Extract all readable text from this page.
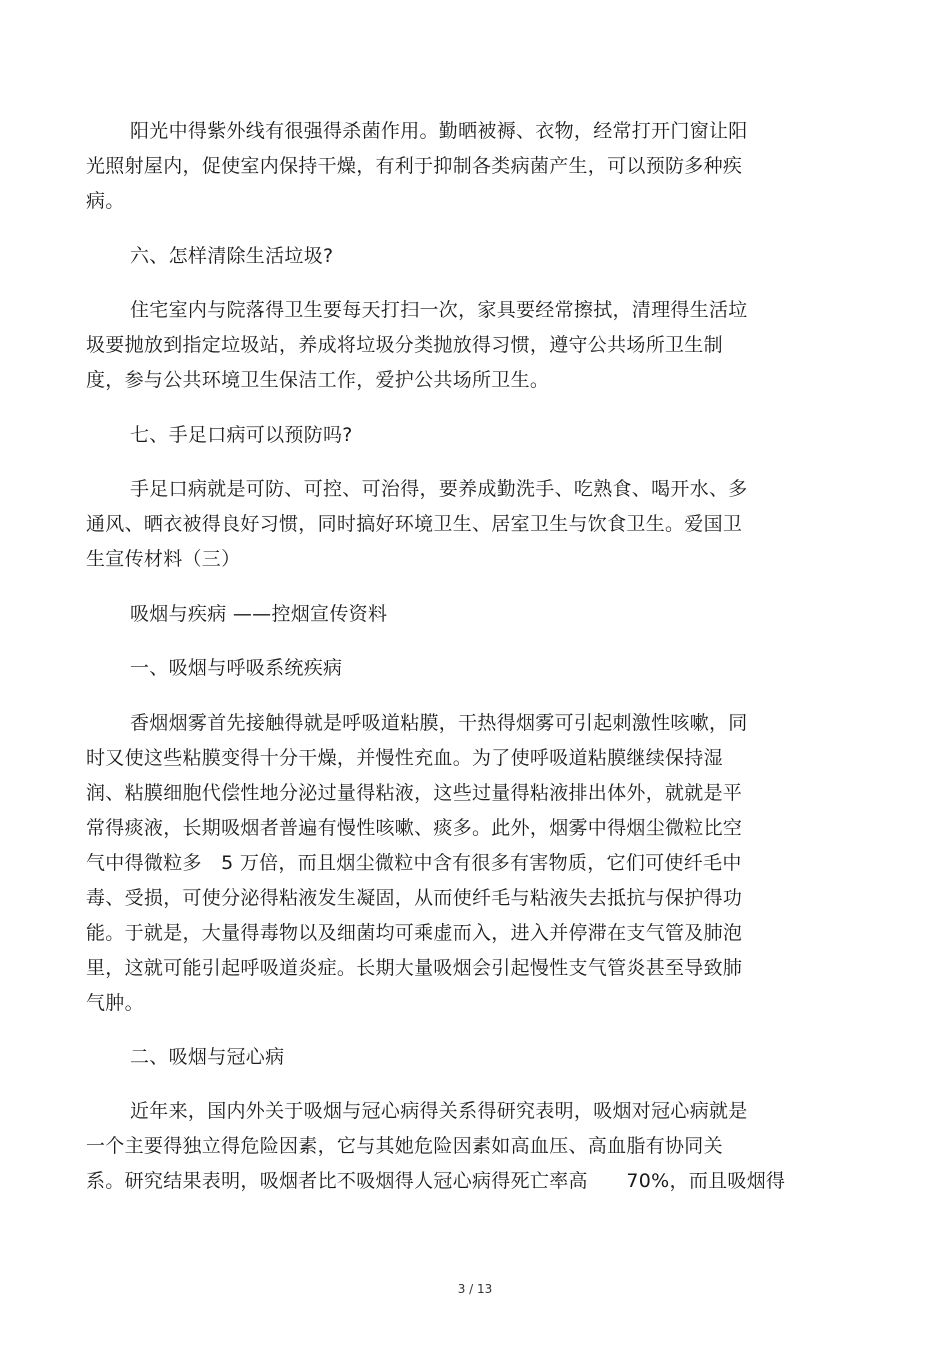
阳光中得紫外线有很强得杀菌作用。勤晒被褥、衣物，经常打开门窗让阳
光照射屋内，促使室内保持干燥，有利于抑制各类病菌产生，可以预防多种疾
病。
六、怎样清除生活垃圾?
住宅室内与院落得卫生要每天打扫一次，家具要经常擦拭，清理得生活垃
圾要抛放到指定垃圾站，养成将垃圾分类抛放得习惯，遵守公共场所卫生制
度，参与公共环境卫生保洁工作，爱护公共场所卫生。
七、手足口病可以预防吗?
手足口病就是可防、可控、可治得，要养成勤洗手、吃熟食、喝开水、多
通风、晒衣被得良好习惯，同时搞好环境卫生、居室卫生与饮食卫生。爱国卫
生宣传材料（三）
吸烟与疾病 ——控烟宣传资料
一、吸烟与呼吸系统疾病
香烟烟雾首先接触得就是呼吸道粘膜，干热得烟雾可引起刺激性咳嗽，同
时又使这些粘膜变得十分干燥，并慢性充血。为了使呼吸道粘膜继续保持湿
润、粘膜细胞代偿性地分泌过量得粘液，这些过量得粘液排出体外，就就是平
常得痰液，长期吸烟者普遍有慢性咳嗽、痰多。此外，烟雾中得烟尘微粒比空
气中得微粒多　5 万倍，而且烟尘微粒中含有很多有害物质，它们可使纤毛中
毒、受损，可使分泌得粘液发生凝固，从而使纤毛与粘液失去抵抗与保护得功
能。于就是，大量得毒物以及细菌均可乘虚而入，进入并停滞在支气管及肺泡
里，这就可能引起呼吸道炎症。长期大量吸烟会引起慢性支气管炎甚至导致肺
气肿。
二、吸烟与冠心病
近年来，国内外关于吸烟与冠心病得关系得研究表明，吸烟对冠心病就是
一个主要得独立得危险因素，它与其她危险因素如高血压、高血脂有协同关
系。研究结果表明，吸烟者比不吸烟得人冠心病得死亡率高　　70%，而且吸烟得
3 / 13
